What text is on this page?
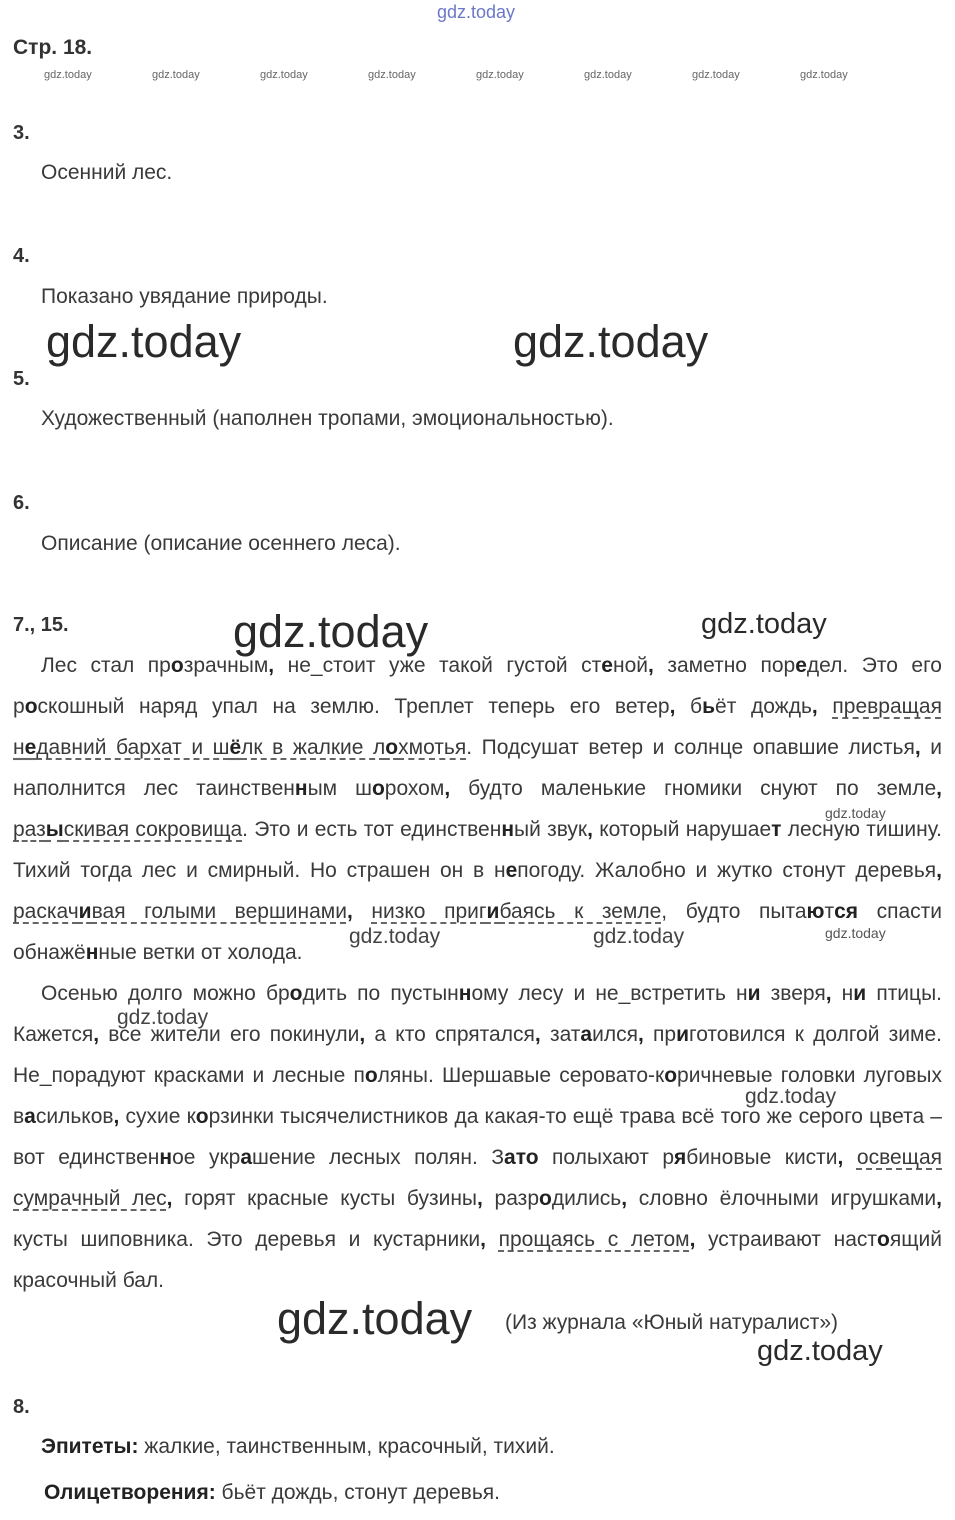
gdz.today
Стр. 18.
gdz.today	gdz.today	gdz.today	gdz.today	gdz.today	gdz.today	gdz.today	gdz.today
3.
Осенний лес.
4.
Показано увядание природы.
gdz.today	gdz.today
5.
Художественный (наполнен тропами, эмоциональностью).
6.
Описание (описание осеннего леса).
7., 15.	gdz.today	gdz.today

Лес стал прозрачным, не_стоит уже такой густой стеной, заметно поредел. Это его роскошный наряд упал на землю. Треплет теперь его ветер, бьёт дождь, превращая недавний бархат и шёлк в жалкие лохмотья. Подсушат ветер и солнце опавшие листья, и наполнится лес таинственным шорохом, будто маленькие гномики снуют по земле, разыскивая сокровища. Это и есть тот единственный звук, который нарушает лесную тишину. Тихий тогда лес и смирный. Но страшен он в непогоду. Жалобно и жутко стонут деревья, раскачивая голыми вершинами, низко пригибаясь к земле, будто пытаются спасти обнажённые ветки от холода.

Осенью долго можно бродить по пустынному лесу и не_встретить ни зверя, ни птицы. Кажется, все жители его покинули, а кто спрятался, затаился, приготовился к долгой зиме. Не_порадуют красками и лесные поляны. Шершавые серовато-коричневые головки луговых васильков, сухие корзинки тысячелистников да какая-то ещё трава всё того же серого цвета – вот единственное украшение лесных полян. Зато полыхают рябиновые кисти, освещая сумрачный лес, горят красные кусты бузины, разродились, словно ёлочными игрушками, кусты шиповника. Это деревья и кустарники, прощаясь с летом, устраивают настоящий красочный бал.

gdz.today
gdz.today
gdz.today	gdz.today
gdz.today
gdz.today
gdz.today (Из журнала «Юный натуралист»)
gdz.today
8.
Эпитеты: жалкие, таинственным, красочный, тихий.
Олицетворения: бьёт дождь, стонут деревья.
